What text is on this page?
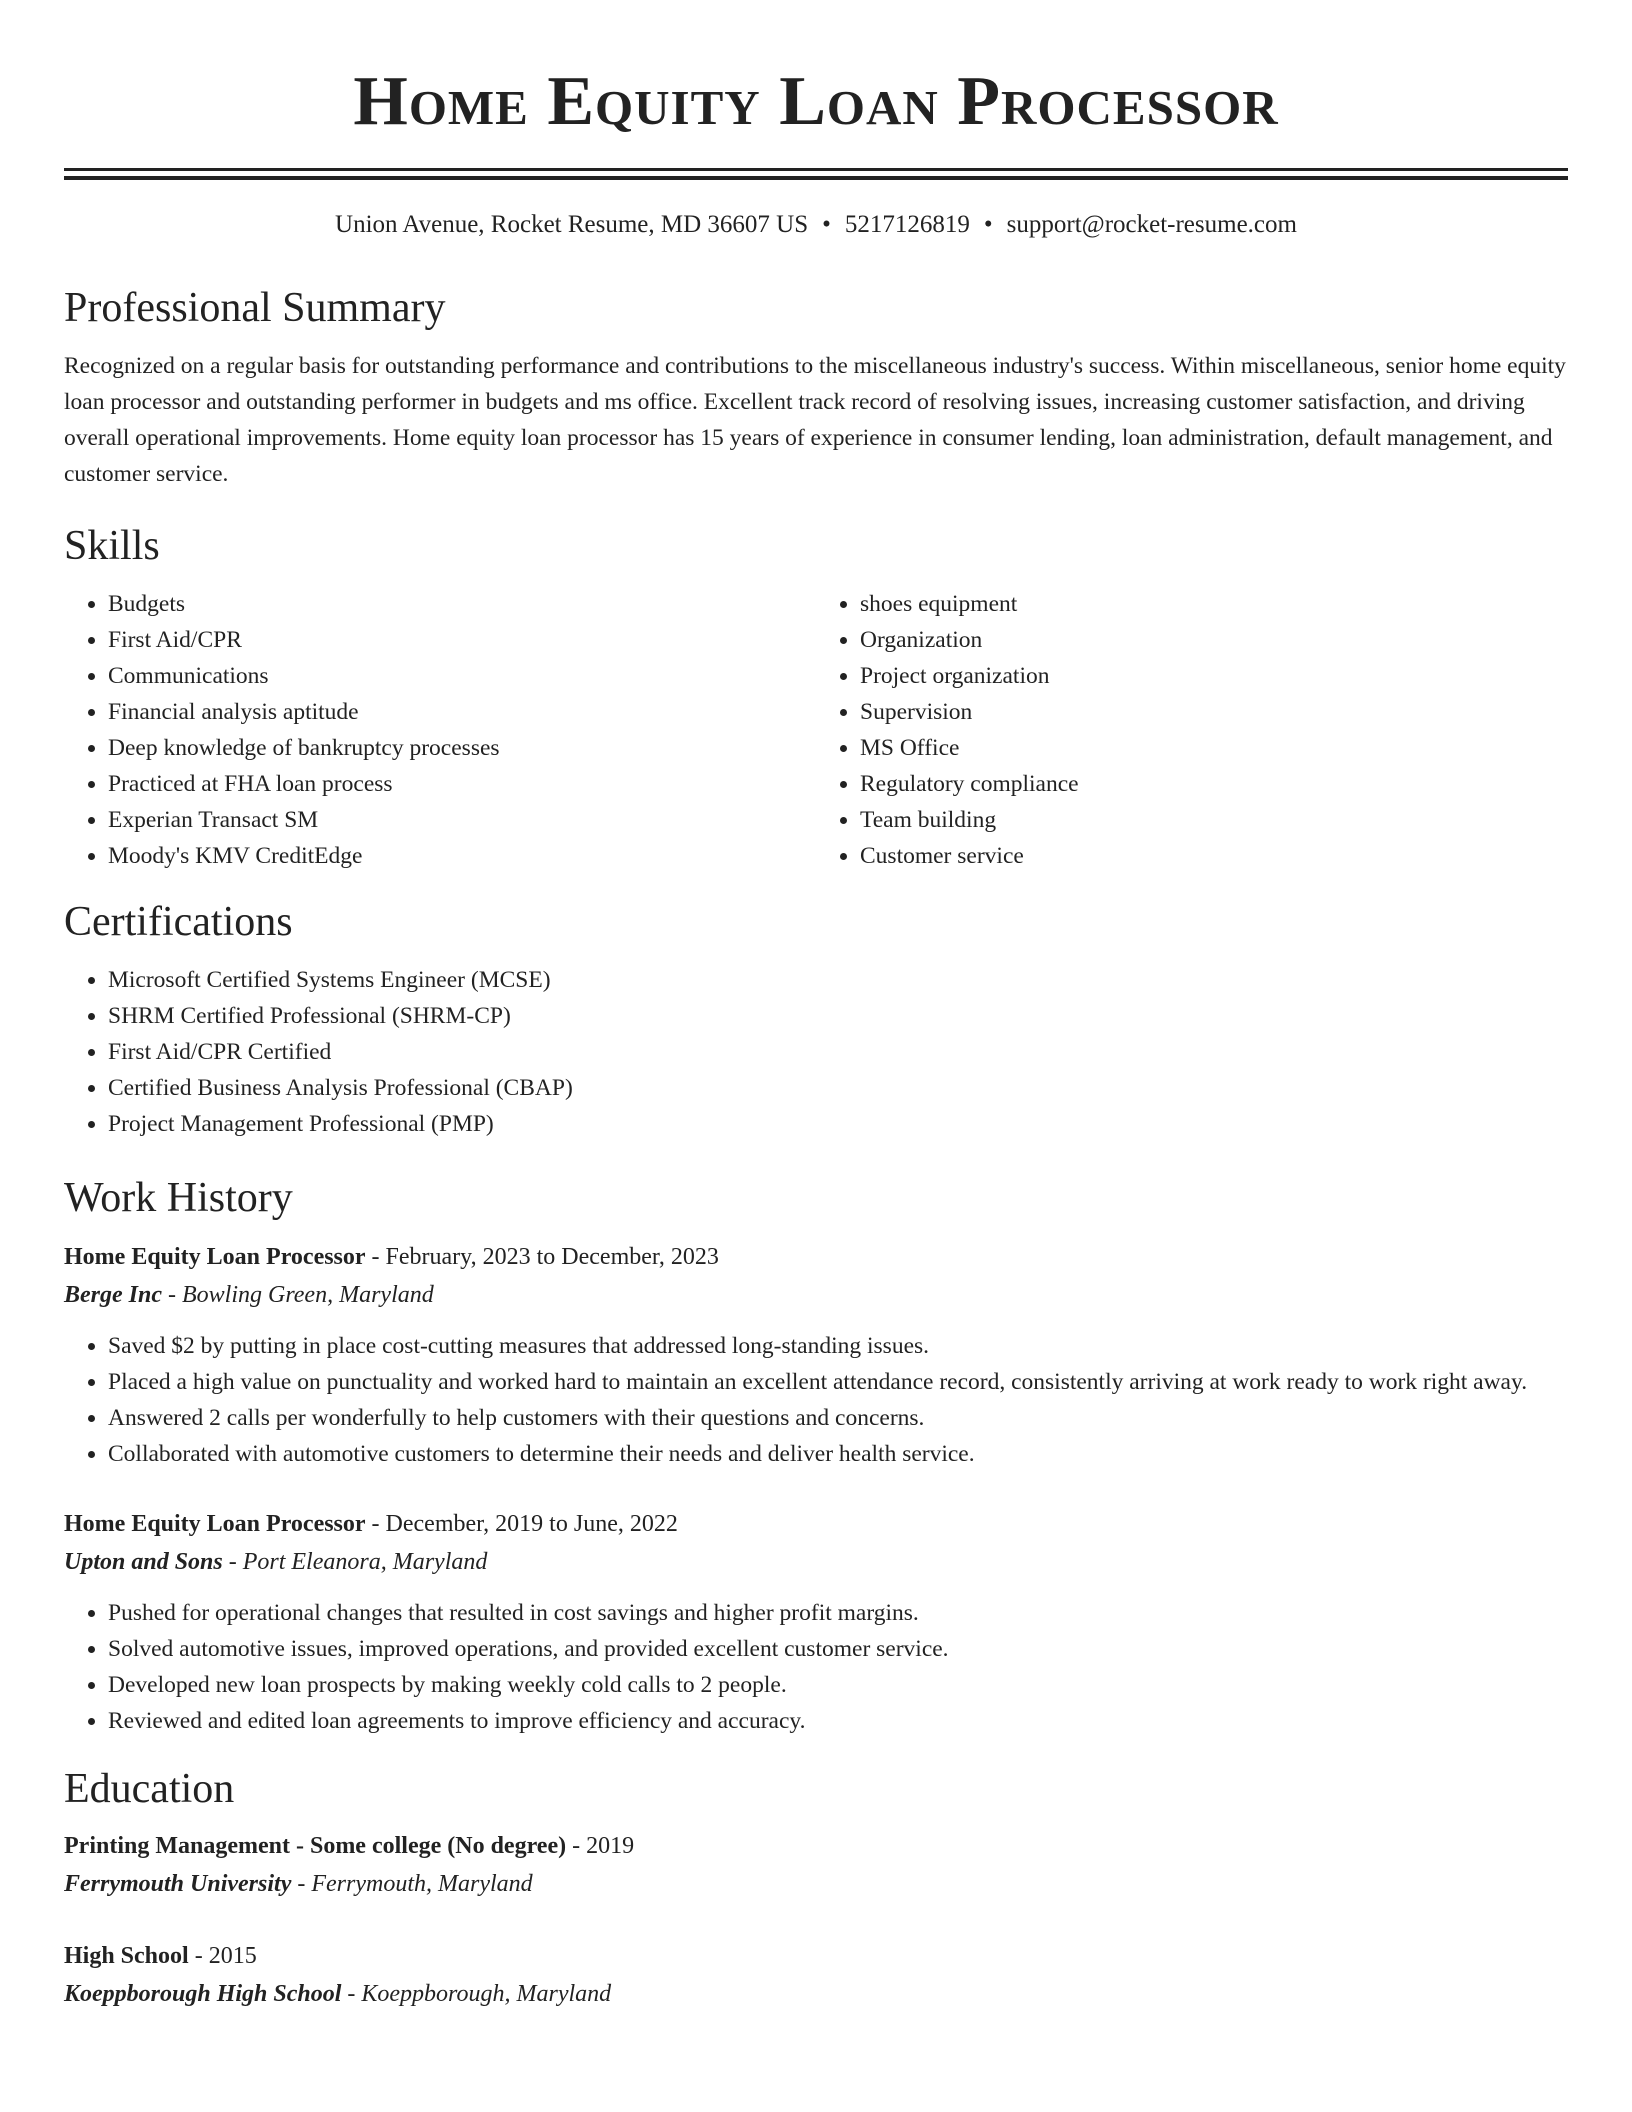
Home Equity Loan Processor
Union Avenue, Rocket Resume, MD 36607 US • 5217126819 • support@rocket-resume.com
Professional Summary

Recognized on a regular basis for outstanding performance and contributions to the miscellaneous industry's success. Within miscellaneous, senior home equity loan processor and outstanding performer in budgets and ms office. Excellent track record of resolving issues, increasing customer satisfaction, and driving overall operational improvements. Home equity loan processor has 15 years of experience in consumer lending, loan administration, default management, and customer service.

Skills
• Budgets
• First Aid/CPR
• Communications
• Financial analysis aptitude
• Deep knowledge of bankruptcy processes
• Practiced at FHA loan process
• Experian Transact SM
• Moody's KMV CreditEdge
• shoes equipment
• Organization
• Project organization
• Supervision
• MS Office
• Regulatory compliance
• Team building
• Customer service
Certifications
• Microsoft Certified Systems Engineer (MCSE)
• SHRM Certified Professional (SHRM-CP)
• First Aid/CPR Certified
• Certified Business Analysis Professional (CBAP)
• Project Management Professional (PMP)
Work History
Home Equity Loan Processor - February, 2023 to December, 2023
Berge Inc - Bowling Green, Maryland
• Saved $2 by putting in place cost-cutting measures that addressed long-standing issues.
• Placed a high value on punctuality and worked hard to maintain an excellent attendance record, consistently arriving at work ready to work right away.
• Answered 2 calls per wonderfully to help customers with their questions and concerns.
• Collaborated with automotive customers to determine their needs and deliver health service.
Home Equity Loan Processor - December, 2019 to June, 2022
Upton and Sons - Port Eleanora, Maryland
• Pushed for operational changes that resulted in cost savings and higher profit margins.
• Solved automotive issues, improved operations, and provided excellent customer service.
• Developed new loan prospects by making weekly cold calls to 2 people.
• Reviewed and edited loan agreements to improve efficiency and accuracy.
Education
Printing Management - Some college (No degree) - 2019
Ferrymouth University - Ferrymouth, Maryland
High School - 2015
Koeppborough High School - Koeppborough, Maryland
